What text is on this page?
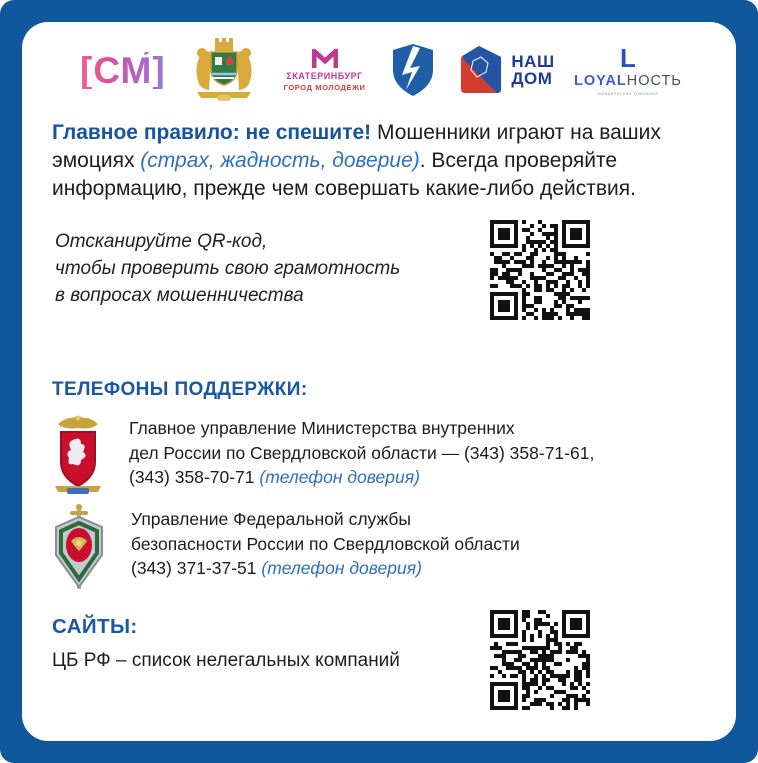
[СМ́]	ƩКАТЕРИНБУРГ
ГОРОД МОЛОДЁЖИ
НАШ
ДОМ
L
LOYALНОСТЬ
юридическая компания
Главное правило: не спешите! Мошенники играют на ваших эмоциях (страх, жадность, доверие). Всегда проверяйте информацию, прежде чем совершать какие-либо действия.
Отсканируйте QR-код,
чтобы проверить свою грамотность
в вопросах мошенничества
ТЕЛЕФОНЫ ПОДДЕРЖКИ:
Главное управление Министерства внутренних
дел России по Свердловской области — (343) 358-71-61,
(343) 358-70-71 (телефон доверия)
Управление Федеральной службы
безопасности России по Свердловской области
(343) 371-37-51 (телефон доверия)
САЙТЫ:
ЦБ РФ – список нелегальных компаний
